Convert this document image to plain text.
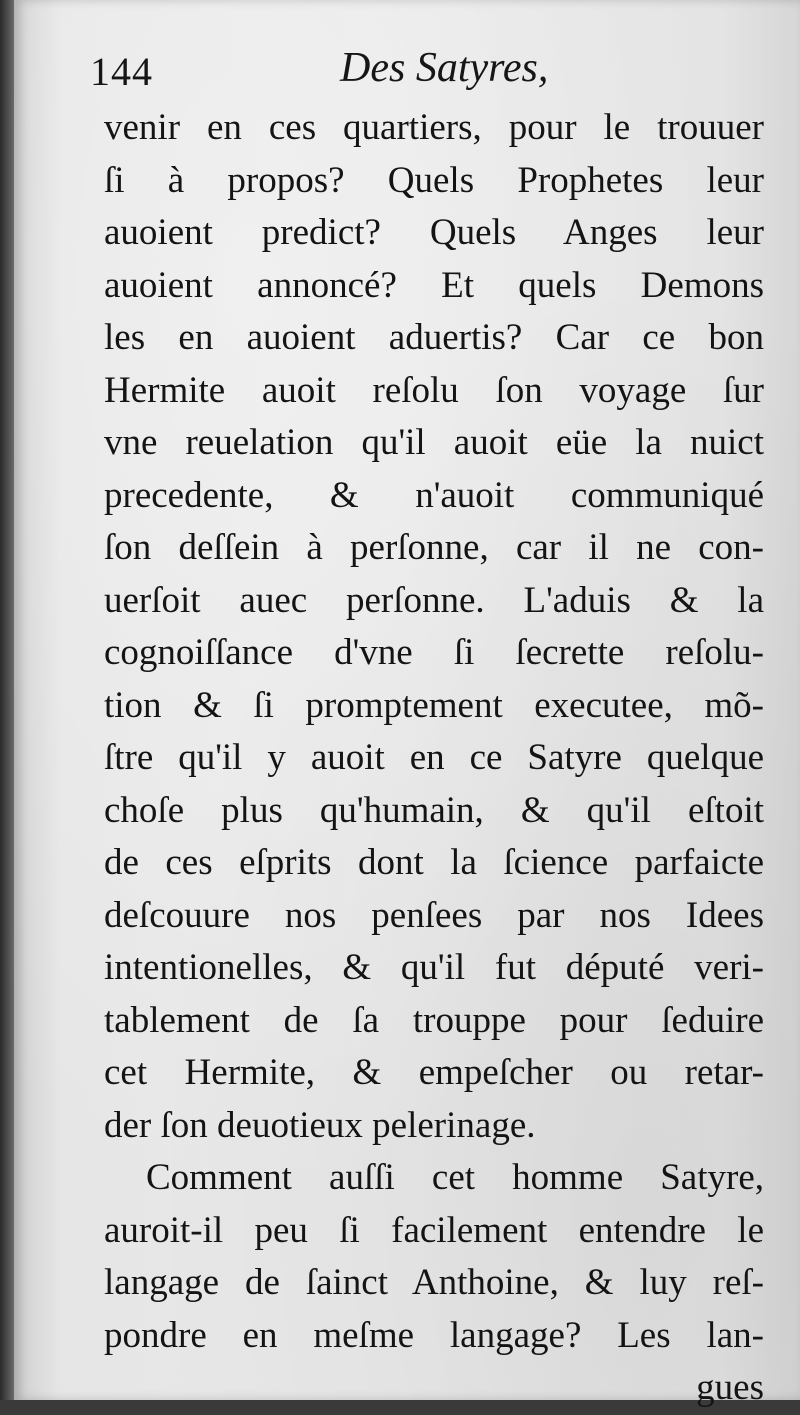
144	Des Satyres,
venir en ces quartiers, pour le trouuer
ſi à propos? Quels Prophetes leur
auoient predict? Quels Anges leur
auoient annoncé? Et quels Demons
les en auoient aduertis? Car ce bon
Hermite auoit reſolu ſon voyage ſur
vne reuelation qu'il auoit eüe la nuict
precedente, & n'auoit communiqué
ſon deſſein à perſonne, car il ne con-
uerſoit auec perſonne. L'aduis & la
cognoiſſance d'vne ſi ſecrette reſolu-
tion & ſi promptement executee, mõ-
ſtre qu'il y auoit en ce Satyre quelque
choſe plus qu'humain, & qu'il eſtoit
de ces eſprits dont la ſcience parfaicte
deſcouure nos penſees par nos Idees
intentionelles, & qu'il fut député veri-
tablement de ſa trouppe pour ſeduire
cet Hermite, & empeſcher ou retar-
der ſon deuotieux pelerinage.
Comment auſſi cet homme Satyre,
auroit-il peu ſi facilement entendre le
langage de ſainct Anthoine, & luy reſ-
pondre en meſme langage? Les lan-
gues
